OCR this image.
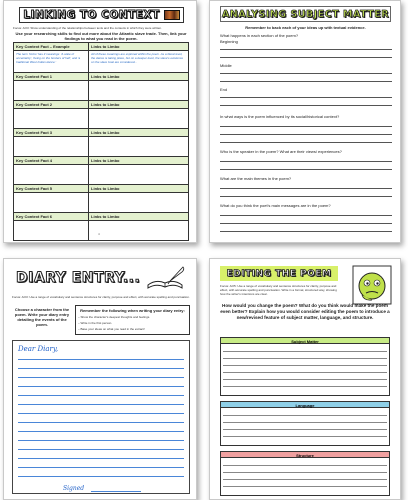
LINKING TO CONTEXT
Focus: AO3: Show understanding of the relationships between texts and the contexts in which they were written.
Use your researching skills to find out more about the Atlantic slave trade. Then, link your findings to what you read in the poem.
Key Context Fact – Example	Links to Limbo
The term 'limbo' has 3 meanings: 'A state of uncertainty', 'being on the borders of hell', and 'a traditional West Indian dance.'	All of these meanings are explored within the poem. As a literal level, the dance is taking place, but on a deeper level, the slave's existence on the slave boat are considered...
Key Context Fact 1	Links to Limbo

Key Context Fact 2	Links to Limbo

Key Context Fact 3	Links to Limbo

Key Context Fact 4	Links to Limbo

Key Context Fact 5	Links to Limbo

Key Context Fact 6	Links to Limbo

4
ANALYSING SUBJECT MATTER
Remember to back each of your ideas up with textual evidence.
What happens in each section of the poem?
Beginning
Middle
End
In what ways is the poem influenced by its social/historical context?
Who is the speaker in the poem? What are their views/ experiences?
What are the main themes in the poem?
What do you think the poet's main messages are in the poem?
DIARY ENTRY...
Focus: AO3: Use a range of vocabulary and sentence structures for clarity, purpose and effect, with accurate spelling and punctuation.
Choose a character from the poem. Write your diary entry detailing the events of the poem.
Remember the following when writing your diary entry:
– Show the character's deepest thoughts and feelings.
– Write in the first person.
– Base your ideas on what you read in the extract!
Dear Diary,
Signed
EDITING THE POEM
Focus: AO5: Use a range of vocabulary and sentence structures for clarity, purpose and effect, with accurate spelling and punctuation. Write in a formal, structured way, showing how the writer's intentions are clear.
How would you change the poem? What do you think would make the poem even better? Explain how you would consider editing the poem to introduce a new/revised feature of subject matter, language, and structure.
Subject Matter
Language
Structure
